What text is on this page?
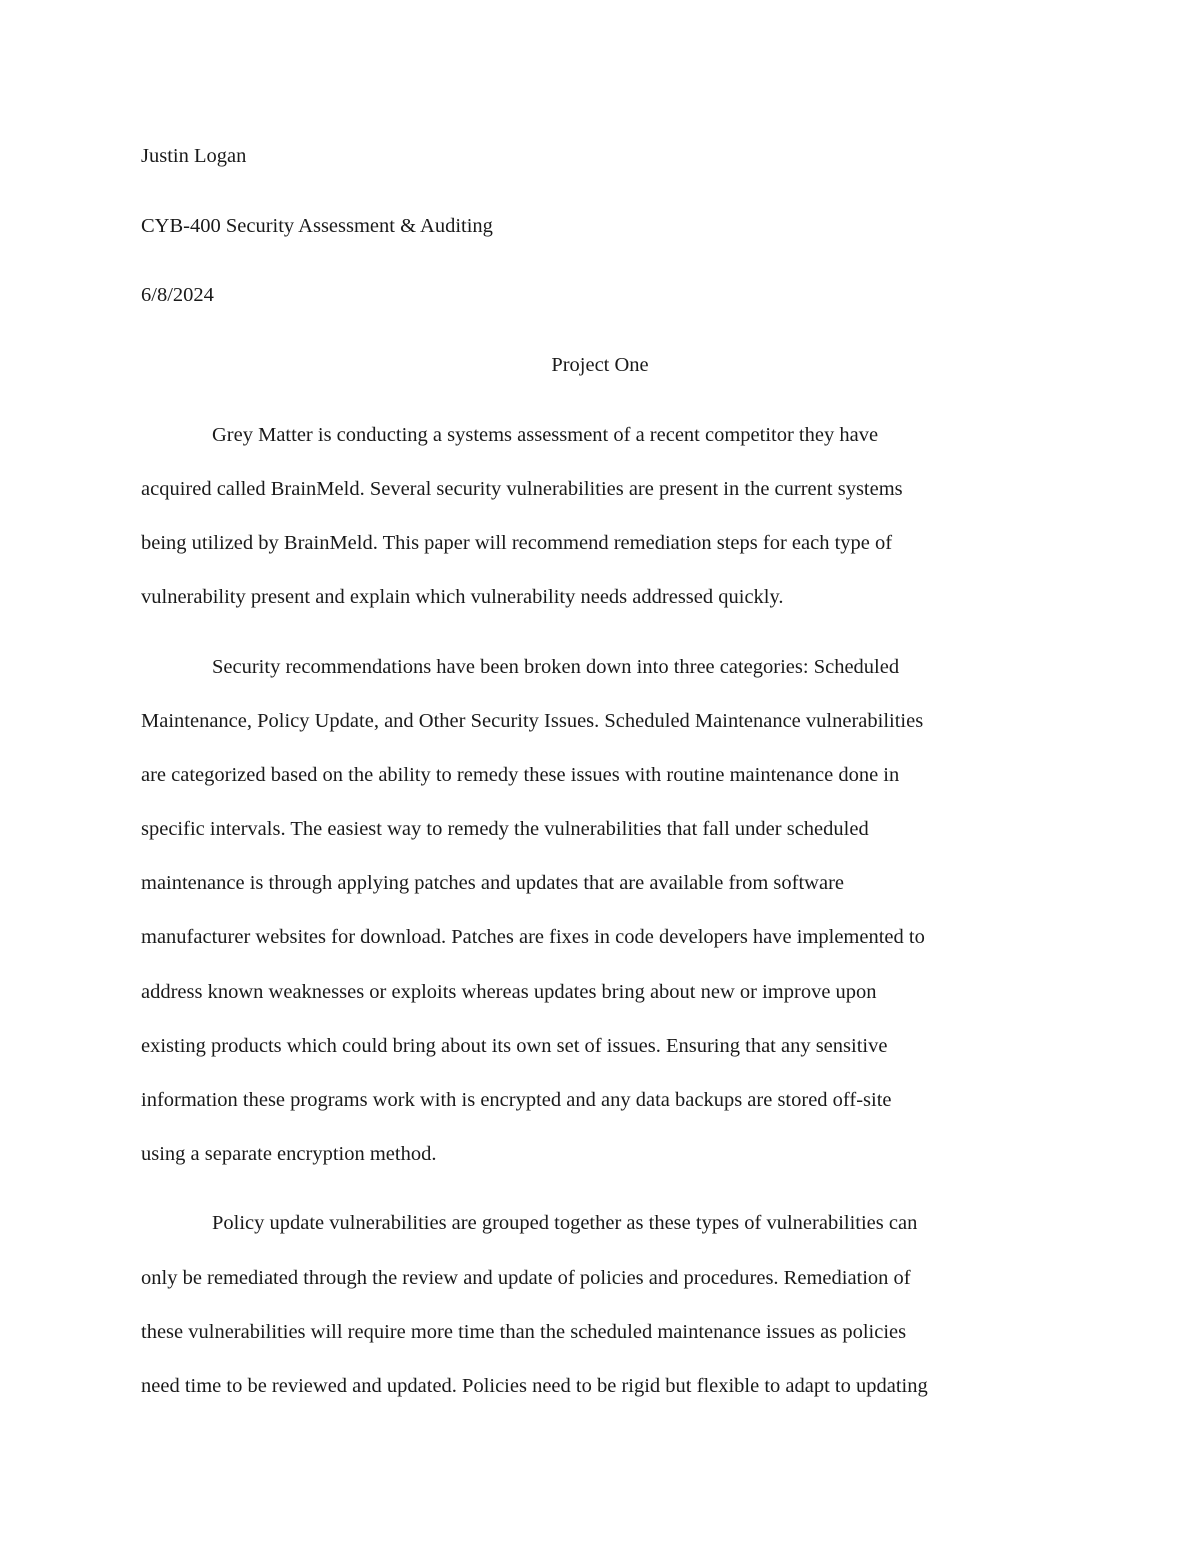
Justin Logan
CYB-400 Security Assessment & Auditing
6/8/2024
Project One
Grey Matter is conducting a systems assessment of a recent competitor they have
acquired called BrainMeld. Several security vulnerabilities are present in the current systems
being utilized by BrainMeld. This paper will recommend remediation steps for each type of
vulnerability present and explain which vulnerability needs addressed quickly.
Security recommendations have been broken down into three categories: Scheduled
Maintenance, Policy Update, and Other Security Issues. Scheduled Maintenance vulnerabilities
are categorized based on the ability to remedy these issues with routine maintenance done in
specific intervals. The easiest way to remedy the vulnerabilities that fall under scheduled
maintenance is through applying patches and updates that are available from software
manufacturer websites for download. Patches are fixes in code developers have implemented to
address known weaknesses or exploits whereas updates bring about new or improve upon
existing products which could bring about its own set of issues. Ensuring that any sensitive
information these programs work with is encrypted and any data backups are stored off-site
using a separate encryption method.
Policy update vulnerabilities are grouped together as these types of vulnerabilities can
only be remediated through the review and update of policies and procedures. Remediation of
these vulnerabilities will require more time than the scheduled maintenance issues as policies
need time to be reviewed and updated. Policies need to be rigid but flexible to adapt to updating
